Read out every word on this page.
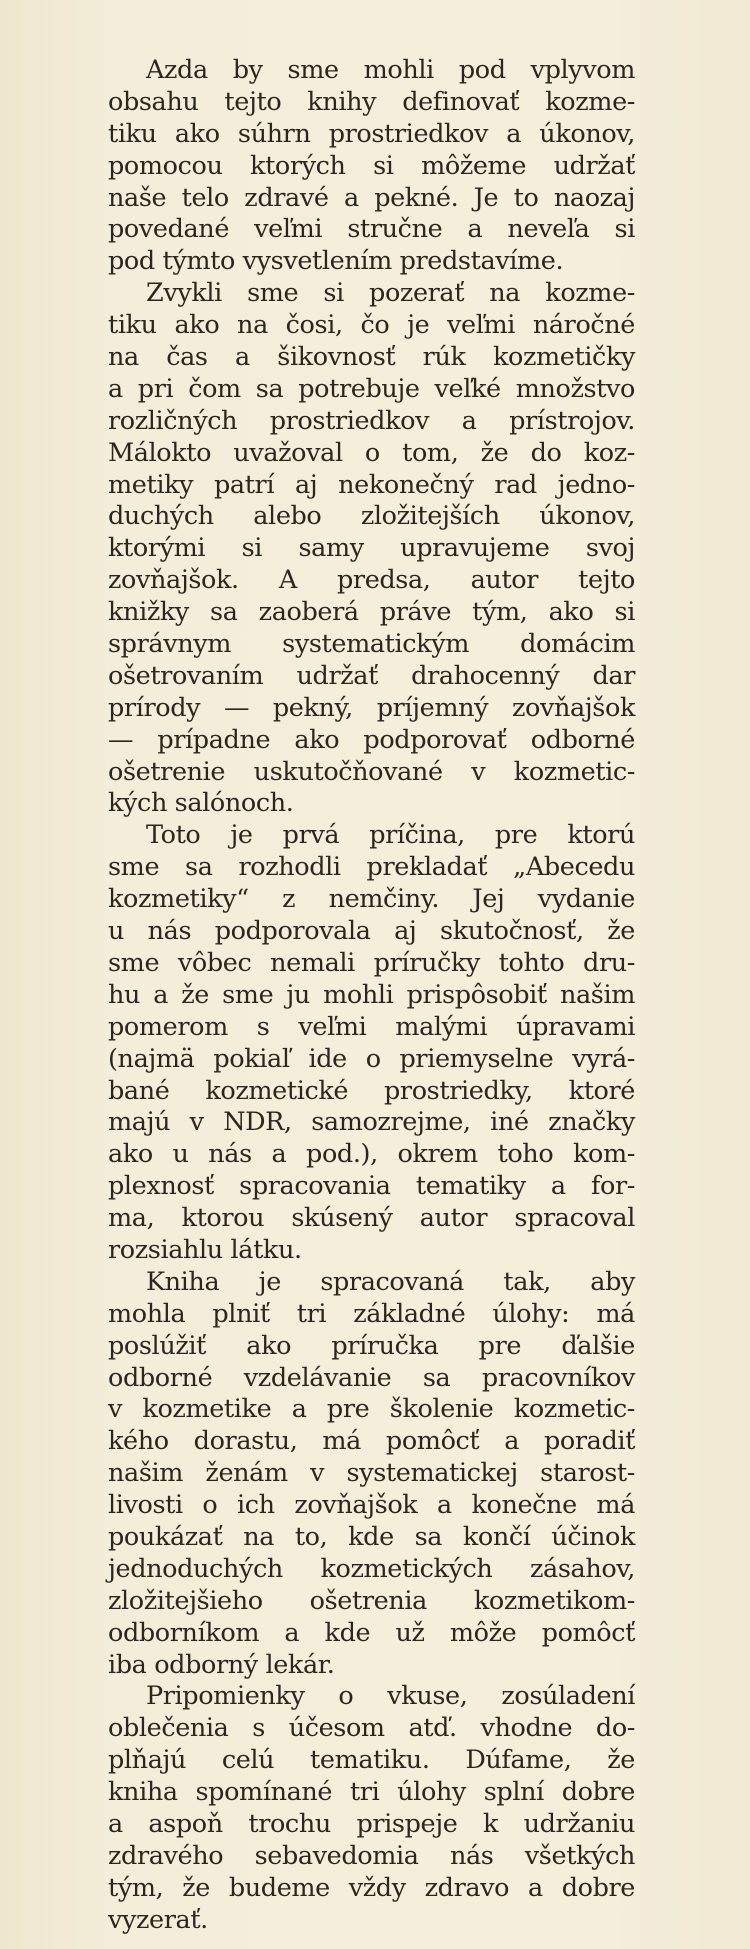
Azda by sme mohli pod vplyvom
obsahu tejto knihy definovať kozme-
tiku ako súhrn prostriedkov a úkonov,
pomocou ktorých si môžeme udržať
naše telo zdravé a pekné. Je to naozaj
povedané veľmi stručne a neveľa si
pod týmto vysvetlením predstavíme.
Zvykli sme si pozerať na kozme-
tiku ako na čosi, čo je veľmi náročné
na čas a šikovnosť rúk kozmetičky
a pri čom sa potrebuje veľké množstvo
rozličných prostriedkov a prístrojov.
Málokto uvažoval o tom, že do koz-
metiky patrí aj nekonečný rad jedno-
duchých alebo zložitejších úkonov,
ktorými si samy upravujeme svoj
zovňajšok. A predsa, autor tejto
knižky sa zaoberá práve tým, ako si
správnym systematickým domácim
ošetrovaním udržať drahocenný dar
prírody — pekný, príjemný zovňajšok
— prípadne ako podporovať odborné
ošetrenie uskutočňované v kozmetic-
kých salónoch.
Toto je prvá príčina, pre ktorú
sme sa rozhodli prekladať „Abecedu
kozmetiky“ z nemčiny. Jej vydanie
u nás podporovala aj skutočnosť, že
sme vôbec nemali príručky tohto dru-
hu a že sme ju mohli prispôsobiť našim
pomerom s veľmi malými úpravami
(najmä pokiaľ ide o priemyselne vyrá-
bané kozmetické prostriedky, ktoré
majú v NDR, samozrejme, iné značky
ako u nás a pod.), okrem toho kom-
plexnosť spracovania tematiky a for-
ma, ktorou skúsený autor spracoval
rozsiahlu látku.
Kniha je spracovaná tak, aby
mohla plniť tri základné úlohy: má
poslúžiť ako príručka pre ďalšie
odborné vzdelávanie sa pracovníkov
v kozmetike a pre školenie kozmetic-
kého dorastu, má pomôcť a poradiť
našim ženám v systematickej starost-
livosti o ich zovňajšok a konečne má
poukázať na to, kde sa končí účinok
jednoduchých kozmetických zásahov,
zložitejšieho ošetrenia kozmetikom-
odborníkom a kde už môže pomôcť
iba odborný lekár.
Pripomienky o vkuse, zosúladení
oblečenia s účesom atď. vhodne do-
plňajú celú tematiku. Dúfame, že
kniha spomínané tri úlohy splní dobre
a aspoň trochu prispeje k udržaniu
zdravého sebavedomia nás všetkých
tým, že budeme vždy zdravo a dobre
vyzerať.
